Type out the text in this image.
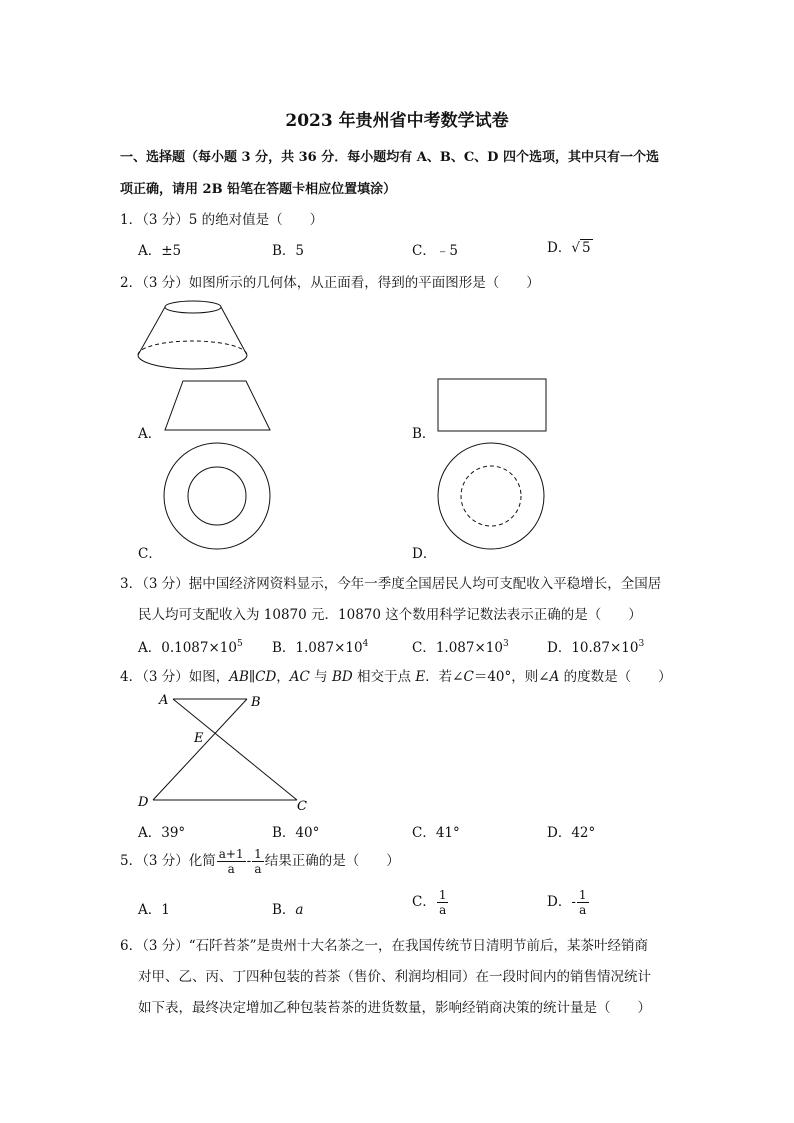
2023 年贵州省中考数学试卷
一、选择题（每小题 3 分，共 36 分．每小题均有 A、B、C、D 四个选项，其中只有一个选
项正确，请用 2B 铅笔在答题卡相应位置填涂）
1．（3 分）5 的绝对值是（　　）
A．±5	B．5	C．﹣5	D．√ 5
2．（3 分）如图所示的几何体，从正面看，得到的平面图形是（　　）
A．	B．
C．	D．
3．（3 分）据中国经济网资料显示，今年一季度全国居民人均可支配收入平稳增长，全国居
民人均可支配收入为 10870 元．10870 这个数用科学记数法表示正确的是（　　）
A．$0.1087\times 10^5$ B．$1.087\times 10^4$	C．$1.087\times 10^3$	D．$10.87\times 10^3$
4．（3 分）如图，AB∥CD，AC 与 BD 相交于点 E．若∠C＝40°，则∠A 的度数是（　　）
A	B
E
D	C
A．39°	B．40°	C．41°	D．42°
5．（3 分）化简 $\frac{a+1}{a} - \frac{1}{a}$ 结果正确的是（　　）
A．1	B．a	C． $\frac{1}{a}$	D．- $\frac{1}{a}$
6．（3 分）“石阡苔茶”是贵州十大名茶之一，在我国传统节日清明节前后，某茶叶经销商
对甲、乙、丙、丁四种包装的苔茶（售价、利润均相同）在一段时间内的销售情况统计
如下表，最终决定增加乙种包装苔茶的进货数量，影响经销商决策的统计量是（　　）
